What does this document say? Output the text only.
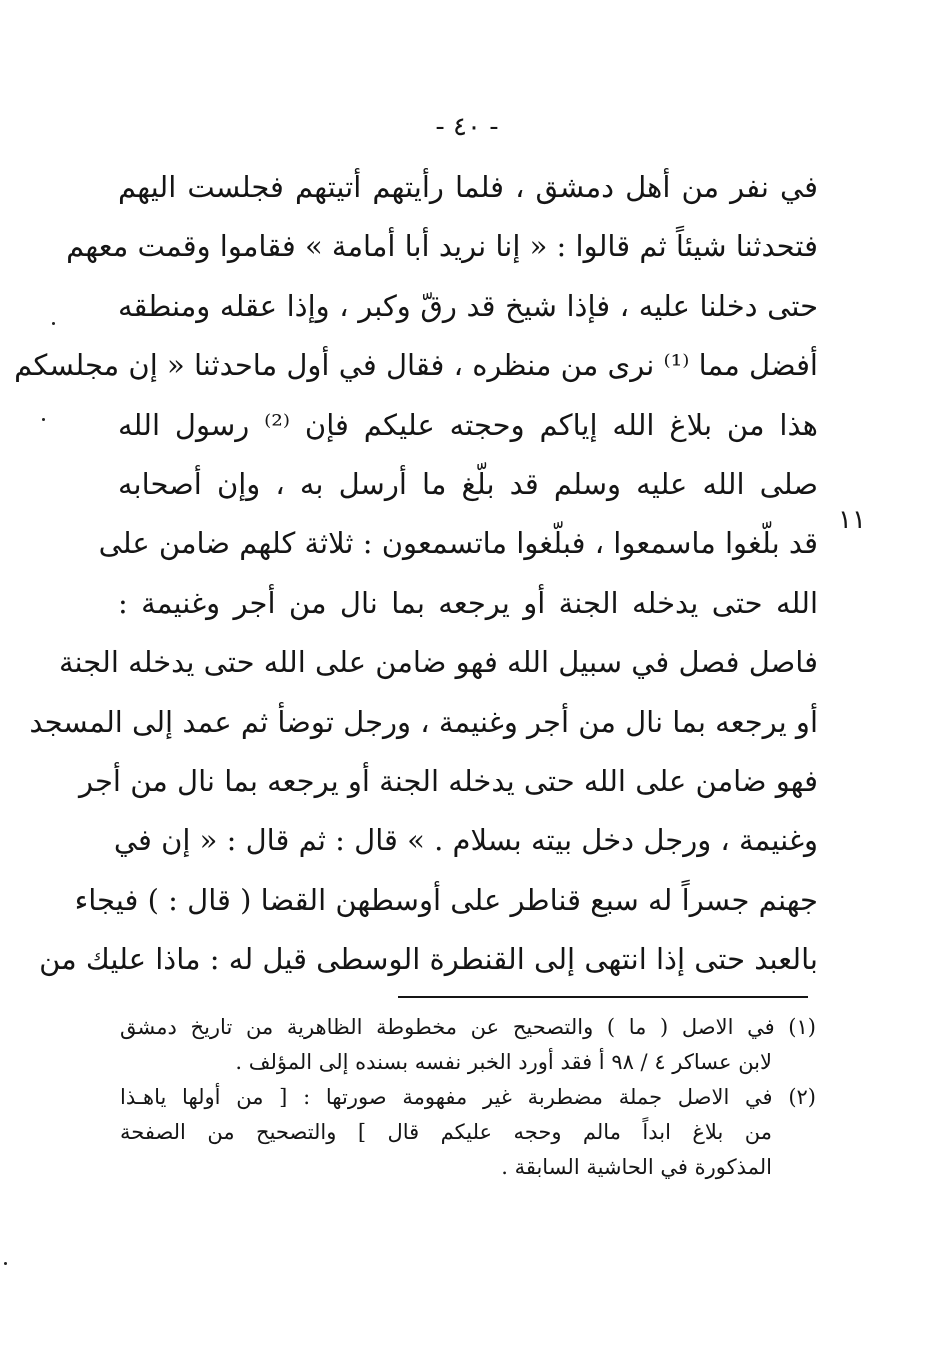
- ٤٠ -
في نفر من أهل دمشق ، فلما رأيتهم أتيتهم فجلست اليهم
فتحدثنا شيئاً ثم قالوا : « إنا نريد أبا أمامة » فقاموا وقمت معهم
حتى دخلنا عليه ، فإذا شيخ قد رقّ وكبر ، وإذا عقله ومنطقه
أفضل مما ⁽¹⁾ نرى من منظره ، فقال في أول ماحدثنا « إن مجلسكم
هذا من بلاغ الله إياكم وحجته عليكم فإن ⁽²⁾ رسول الله
صلى الله عليه وسلم قد بلّغ ما أرسل به ، وإن أصحابه
قد بلّغوا ماسمعوا ، فبلّغوا ماتسمعون : ثلاثة كلهم ضامن على
الله حتى يدخله الجنة أو يرجعه بما نال من أجر وغنيمة :
فاصل فصل في سبيل الله فهو ضامن على الله حتى يدخله الجنة
أو يرجعه بما نال من أجر وغنيمة ، ورجل توضأ ثم عمد إلى المسجد
فهو ضامن على الله حتى يدخله الجنة أو يرجعه بما نال من أجر
وغنيمة ، ورجل دخل بيته بسلام . » قال : ثم قال : « إن في
جهنم جسراً له سبع قناطر على أوسطهن القضا ( قال : ) فيجاء
بالعبد حتى إذا انتهى إلى القنطرة الوسطى قيل له : ماذا عليك من
١١
(١) في الاصل ( ما ) والتصحيح عن مخطوطة الظاهرية من تاريخ دمشق
لابن عساكر ٤ / ٩٨ أ فقد أورد الخبر نفسه بسنده إلى المؤلف .
(٢) في الاصل جملة مضطربة غير مفهومة صورتها : [ من أولها ياهـذا
من بلاغ ابداً مالم وحجه عليكم قال ] والتصحيح من الصفحة
المذكورة في الحاشية السابقة .
